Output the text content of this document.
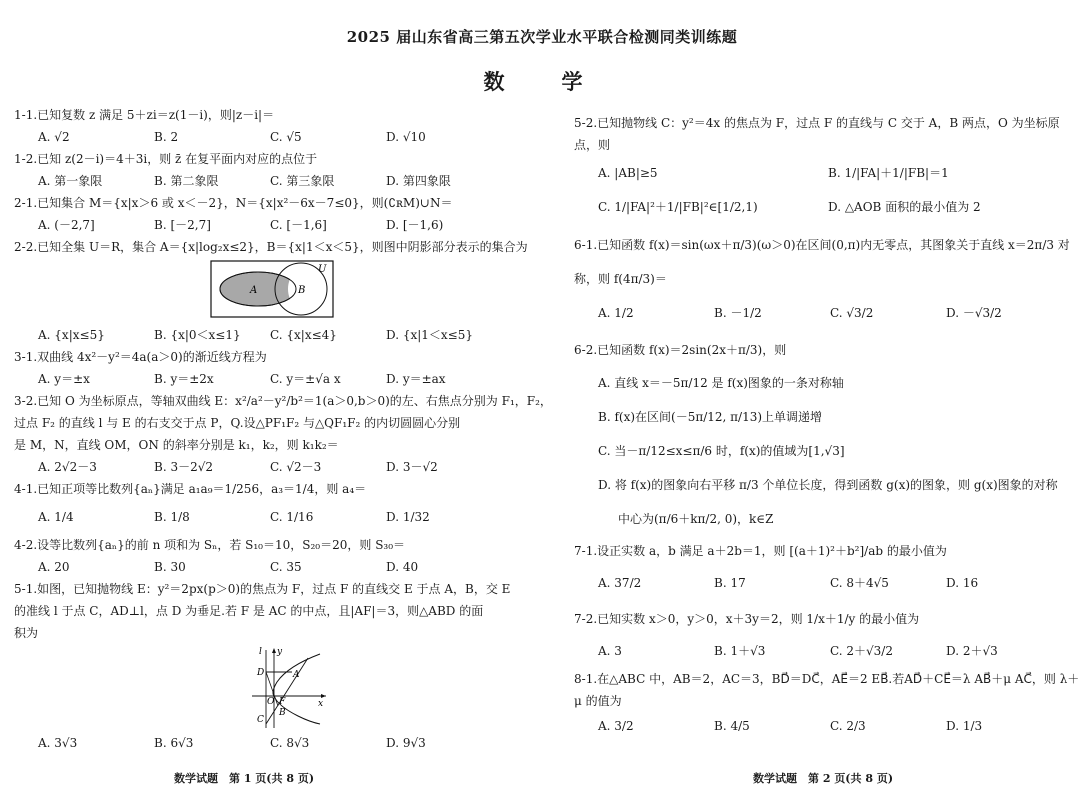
2025 届山东省高三第五次学业水平联合检测同类训练题
数　学
1-1.已知复数 z 满足 5＋zi＝z(1－i)，则|z－i|＝
A. √2	B. 2	C. √5	D. √10
1-2.已知 z(2－i)＝4＋3i，则 z̄ 在复平面内对应的点位于
A. 第一象限	B. 第二象限	C. 第三象限	D. 第四象限
2-1.已知集合 M＝{x|x＞6 或 x＜－2}，N＝{x|x²－6x－7≤0}，则(∁ʀM)∪N＝
A. (－2,7]	B. [－2,7]	C. [－1,6]	D. [－1,6)
2-2.已知全集 U＝R，集合 A＝{x|log₂x≤2}，B＝{x|1＜x＜5}，则图中阴影部分表示的集合为
A	B
U
A. {x|x≤5}	B. {x|0＜x≤1}	C. {x|x≤4}	D. {x|1＜x≤5}
3-1.双曲线 4x²－y²＝4a(a＞0)的渐近线方程为
A. y＝±x	B. y＝±2x	C. y＝±√a x	D. y＝±ax
3-2.已知 O 为坐标原点，等轴双曲线 E：x²/a²－y²/b²＝1(a＞0,b＞0)的左、右焦点分别为 F₁，F₂，
过点 F₂ 的直线 l 与 E 的右支交于点 P，Q.设△PF₁F₂ 与△QF₁F₂ 的内切圆圆心分别
是 M，N，直线 OM，ON 的斜率分别是 k₁，k₂，则 k₁k₂＝
A. 2√2－3	B. 3－2√2	C. √2－3	D. 3－√2
4-1.已知正项等比数列{aₙ}满足 a₁a₉＝1/256，a₃＝1/4，则 a₄＝
A. 1/4	B. 1/8	C. 1/16	D. 1/32
4-2.设等比数列{aₙ}的前 n 项和为 Sₙ，若 S₁₀＝10，S₂₀＝20，则 S₃₀＝
A. 20	B. 30	C. 35	D. 40
5-1.如图，已知抛物线 E：y²＝2px(p＞0)的焦点为 F，过点 F 的直线交 E 于点 A，B，交 E
的准线 l 于点 C，AD⊥l，点 D 为垂足.若 F 是 AC 的中点，且|AF|＝3，则△ABD 的面
积为
l y
x
D	A
O F
B
C
A. 3√3	B. 6√3	C. 8√3	D. 9√3
5-2.已知抛物线 C：y²＝4x 的焦点为 F，过点 F 的直线与 C 交于 A，B 两点，O 为坐标原
点，则
A. |AB|≥5	B. 1/|FA|＋1/|FB|＝1
C. 1/|FA|²＋1/|FB|²∈[1/2,1)	D. △AOB 面积的最小值为 2
6-1.已知函数 f(x)＝sin(ωx＋π/3)(ω＞0)在区间(0,π)内无零点，其图象关于直线 x＝2π/3 对
称，则 f(4π/3)＝
A. 1/2	B. －1/2	C. √3/2	D. －√3/2
6-2.已知函数 f(x)＝2sin(2x＋π/3)，则
A. 直线 x＝－5π/12 是 f(x)图象的一条对称轴
B. f(x)在区间(－5π/12, π/13)上单调递增
C. 当－π/12≤x≤π/6 时，f(x)的值域为[1,√3]
D. 将 f(x)的图象向右平移 π/3 个单位长度，得到函数 g(x)的图象，则 g(x)图象的对称
中心为(π/6＋kπ/2, 0)，k∈Z
7-1.设正实数 a，b 满足 a＋2b＝1，则 [(a＋1)²＋b²]/ab 的最小值为
A. 37/2	B. 17	C. 8＋4√5	D. 16
7-2.已知实数 x＞0，y＞0，x＋3y＝2，则 1/x＋1/y 的最小值为
A. 3	B. 1＋√3	C. 2＋√3/2	D. 2＋√3
8-1.在△ABC 中，AB＝2，AC＝3，BD⃗＝DC⃗，AE⃗＝2 EB⃗.若AD⃗＋CE⃗＝λ AB⃗＋μ AC⃗，则 λ＋
μ 的值为
A. 3/2	B. 4/5	C. 2/3	D. 1/3
数学试题　第 1 页(共 8 页)	数学试题　第 2 页(共 8 页)
